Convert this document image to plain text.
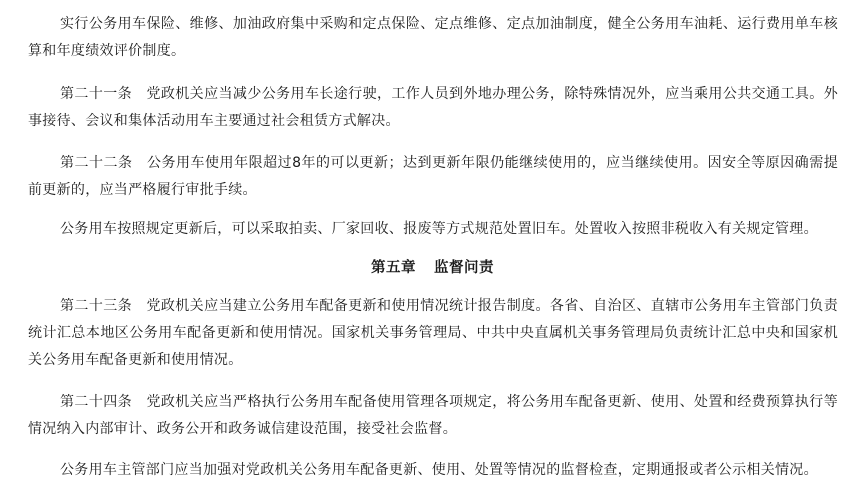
实行公务用车保险、维修、加油政府集中采购和定点保险、定点维修、定点加油制度，健全公务用车油耗、运行费用单车核算和年度绩效评价制度。

第二十一条　党政机关应当减少公务用车长途行驶，工作人员到外地办理公务，除特殊情况外，应当乘用公共交通工具。外事接待、会议和集体活动用车主要通过社会租赁方式解决。

第二十二条　公务用车使用年限超过8年的可以更新；达到更新年限仍能继续使用的，应当继续使用。因安全等原因确需提前更新的，应当严格履行审批手续。

公务用车按照规定更新后，可以采取拍卖、厂家回收、报废等方式规范处置旧车。处置收入按照非税收入有关规定管理。

第五章 监督问责

第二十三条　党政机关应当建立公务用车配备更新和使用情况统计报告制度。各省、自治区、直辖市公务用车主管部门负责统计汇总本地区公务用车配备更新和使用情况。国家机关事务管理局、中共中央直属机关事务管理局负责统计汇总中央和国家机关公务用车配备更新和使用情况。

第二十四条　党政机关应当严格执行公务用车配备使用管理各项规定，将公务用车配备更新、使用、处置和经费预算执行等情况纳入内部审计、政务公开和政务诚信建设范围，接受社会监督。

公务用车主管部门应当加强对党政机关公务用车配备更新、使用、处置等情况的监督检查，定期通报或者公示相关情况。
